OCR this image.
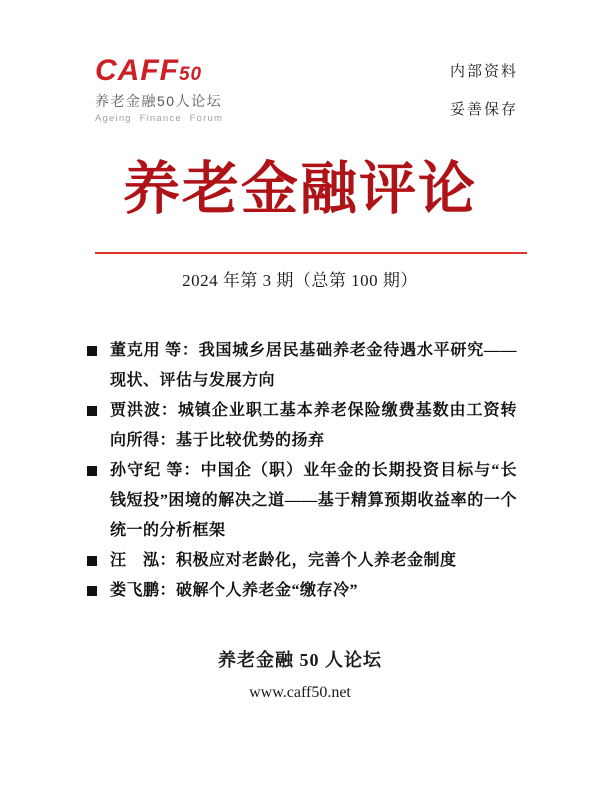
CAFF50
养老金融50人论坛
Ageing Finance Forum
内部资料
妥善保存
养老金融评论
2024 年第 3 期（总第 100 期）
董克用 等：我国城乡居民基础养老金待遇水平研究——现状、评估与发展方向
贾洪波：城镇企业职工基本养老保险缴费基数由工资转向所得：基于比较优势的扬弃
孙守纪 等：中国企（职）业年金的长期投资目标与“长钱短投”困境的解决之道——基于精算预期收益率的一个统一的分析框架
汪　泓：积极应对老龄化，完善个人养老金制度
娄飞鹏：破解个人养老金“缴存冷”
养老金融 50 人论坛
www.caff50.net
